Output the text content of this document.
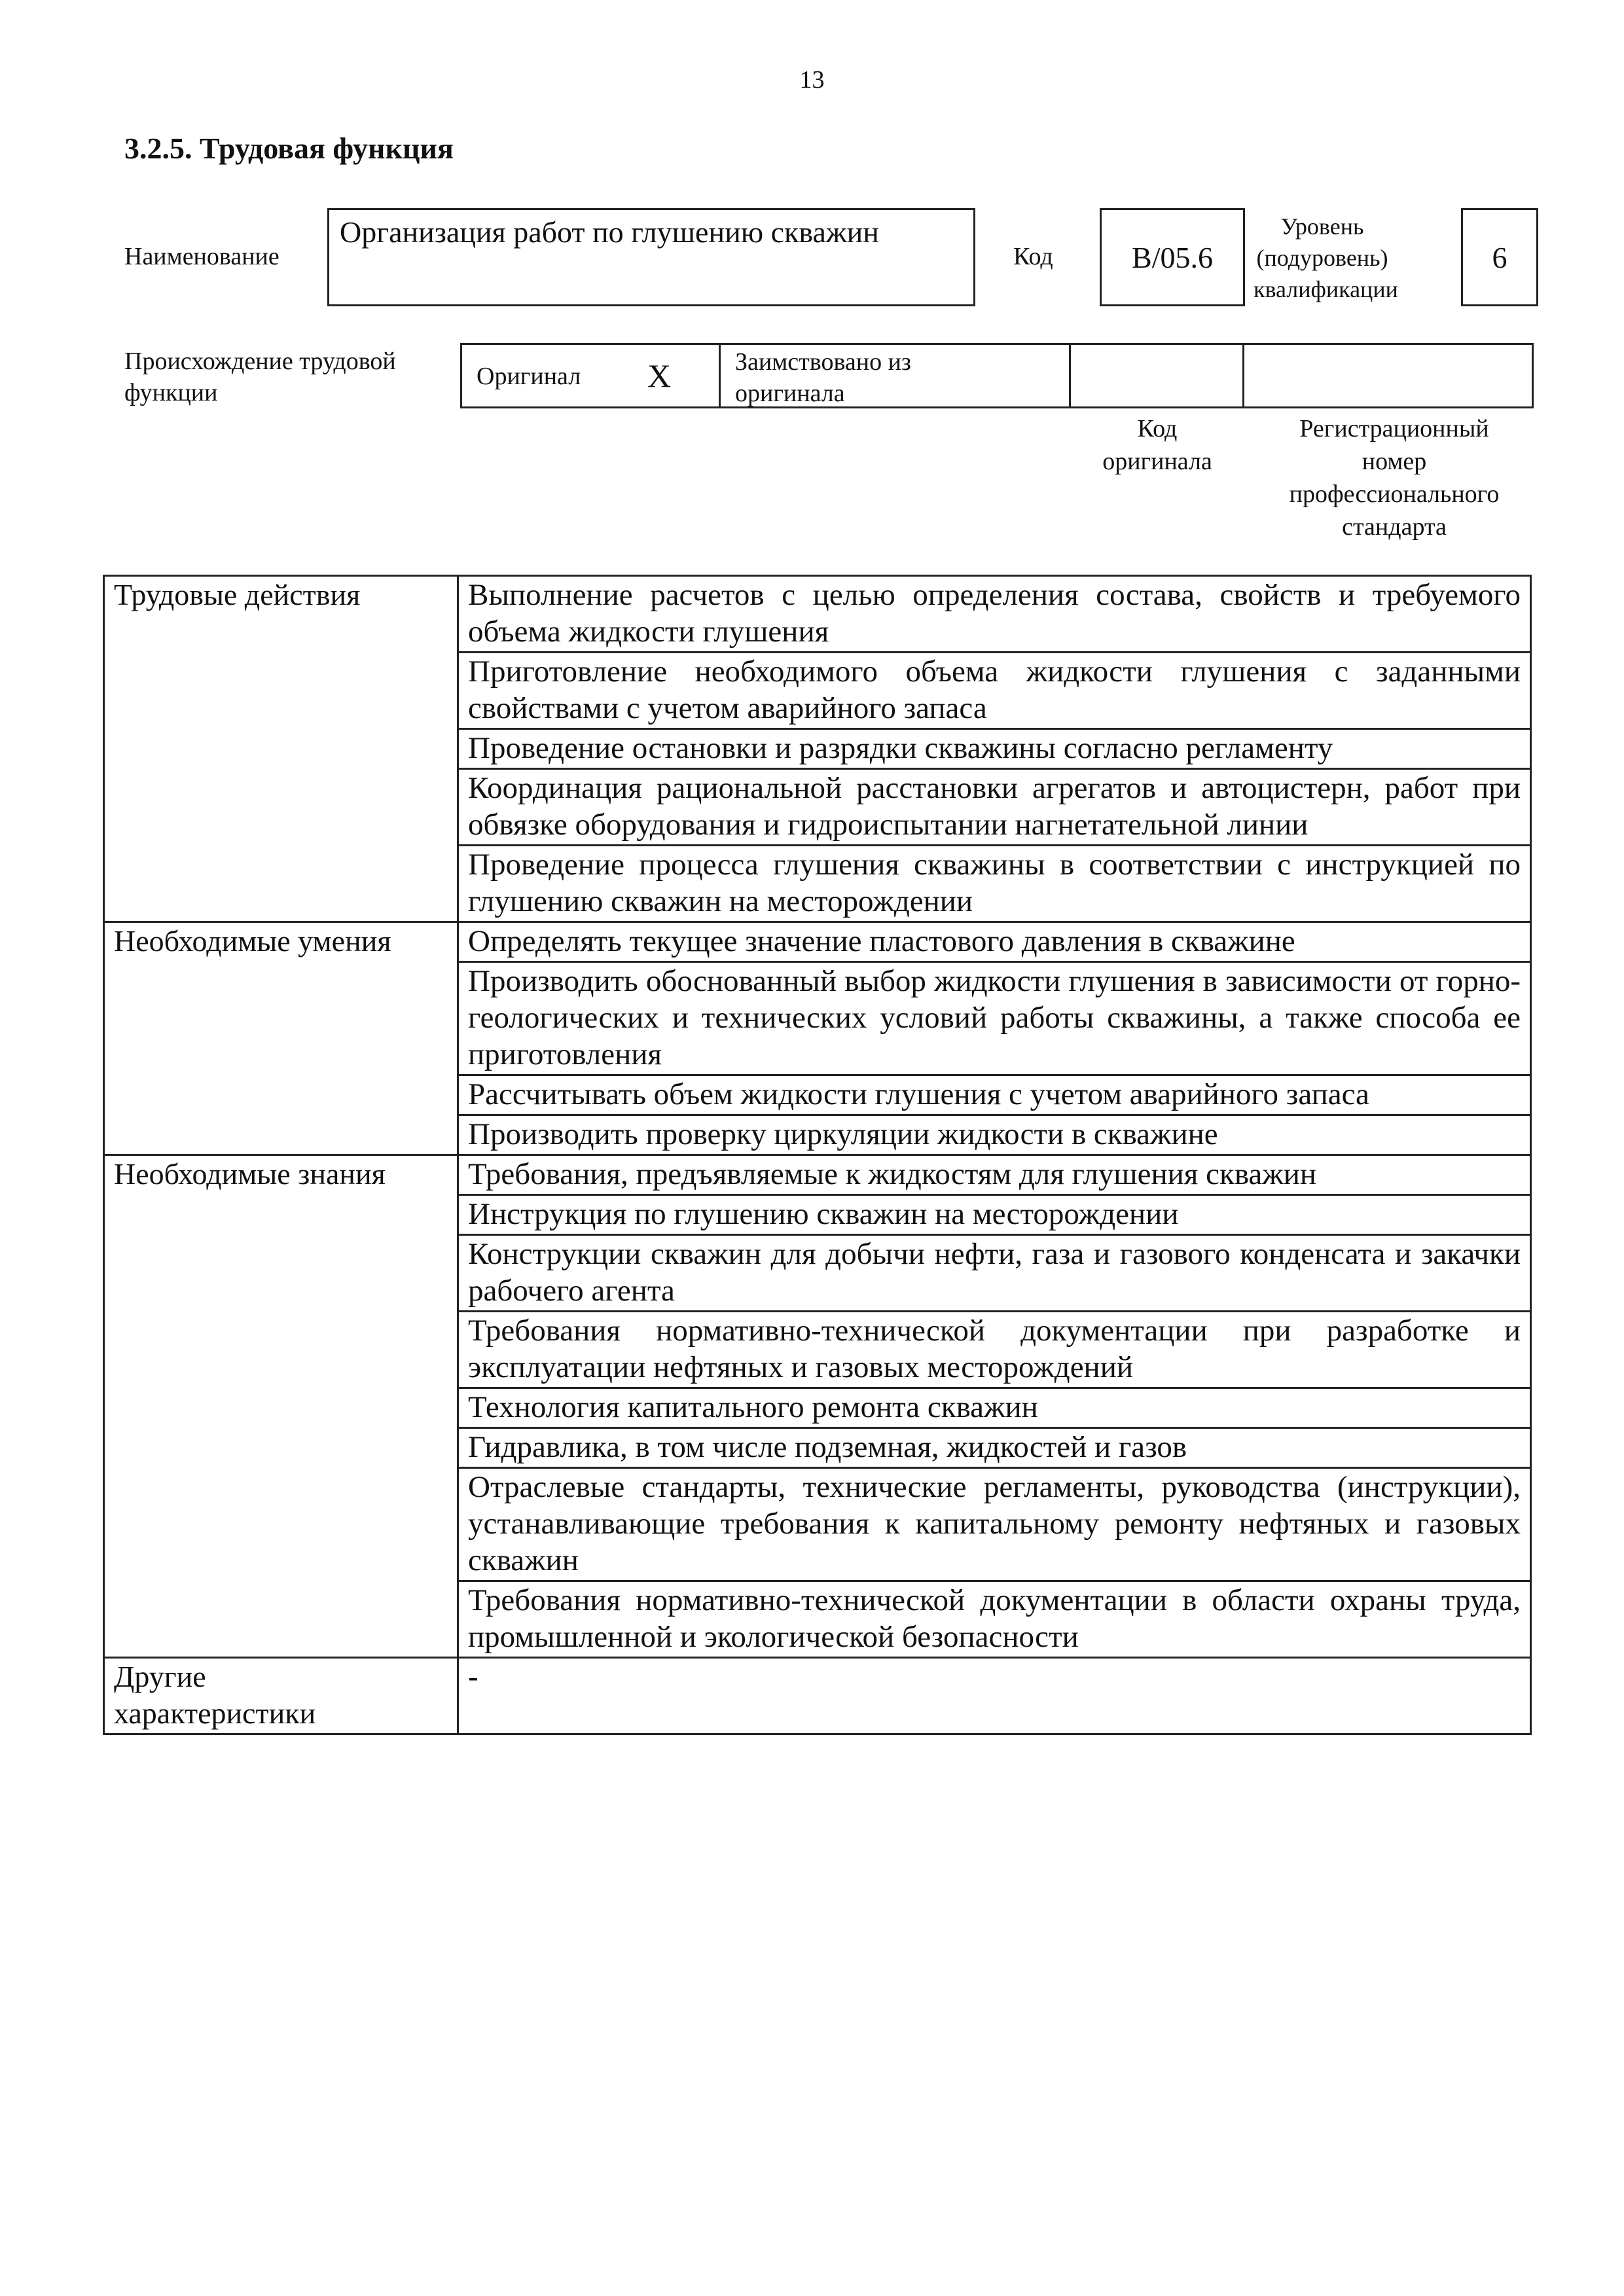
13
3.2.5. Трудовая функция
Наименование
Организация работ по глушению скважин
Код	B/05.6
Уровень
(подуровень)
квалификации
6
Происхождение трудовой
функции
Оригинал X	Заимствовано из
оригинала
Код
оригинала
Регистрационный
номер
профессионального
стандарта
Трудовые действия	Выполнение расчетов с целью определения состава, свойств и требуемого объема жидкости глушения
	Приготовление необходимого объема жидкости глушения с заданными свойствами с учетом аварийного запаса
	Проведение остановки и разрядки скважины согласно регламенту
	Координация рациональной расстановки агрегатов и автоцистерн, работ при обвязке оборудования и гидроиспытании нагнетательной линии
	Проведение процесса глушения скважины в соответствии с инструкцией по глушению скважин на месторождении
Необходимые умения	Определять текущее значение пластового давления в скважине
	Производить обоснованный выбор жидкости глушения в зависимости от горно-геологических и технических условий работы скважины, а также способа ее приготовления
	Рассчитывать объем жидкости глушения с учетом аварийного запаса
	Производить проверку циркуляции жидкости в скважине
Необходимые знания	Требования, предъявляемые к жидкостям для глушения скважин
	Инструкция по глушению скважин на месторождении
	Конструкции скважин для добычи нефти, газа и газового конденсата и закачки рабочего агента
	Требования нормативно-технической документации при разработке и эксплуатации нефтяных и газовых месторождений
	Технология капитального ремонта скважин
	Гидравлика, в том числе подземная, жидкостей и газов
	Отраслевые стандарты, технические регламенты, руководства (инструкции), устанавливающие требования к капитальному ремонту нефтяных и газовых скважин
	Требования нормативно-технической документации в области охраны труда, промышленной и экологической безопасности

Другие
характеристики	-
